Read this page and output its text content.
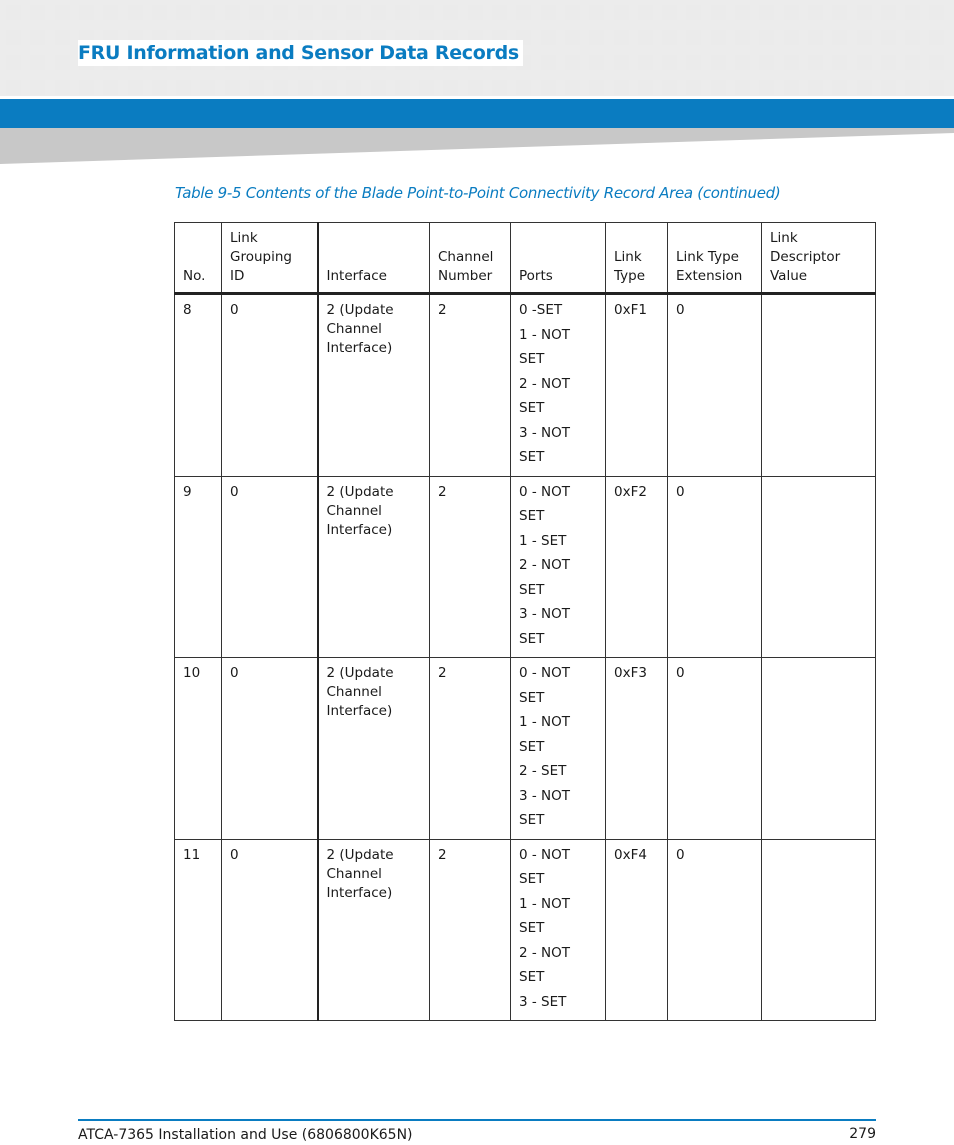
FRU Information and Sensor Data Records

Table 9-5 Contents of the Blade Point-to-Point Connectivity Record Area (continued)

No.	Link Grouping ID	Interface	Channel Number	Ports	Link Type	Link Type Extension	Link Descriptor Value
8	0	2 (Update Channel Interface)	2	0 -SET
1 - NOT SET
2 - NOT SET
3 - NOT SET	0xF1	0	
9	0	2 (Update Channel Interface)	2	0 - NOT SET
1 - SET
2 - NOT SET
3 - NOT SET	0xF2	0	
10	0	2 (Update Channel Interface)	2	0 - NOT SET
1 - NOT SET
2 - SET
3 - NOT SET	0xF3	0	
11	0	2 (Update Channel Interface)	2	0 - NOT SET
1 - NOT SET
2 - NOT SET
3 - SET	0xF4	0	
ATCA-7365 Installation and Use (6806800K65N)	279
